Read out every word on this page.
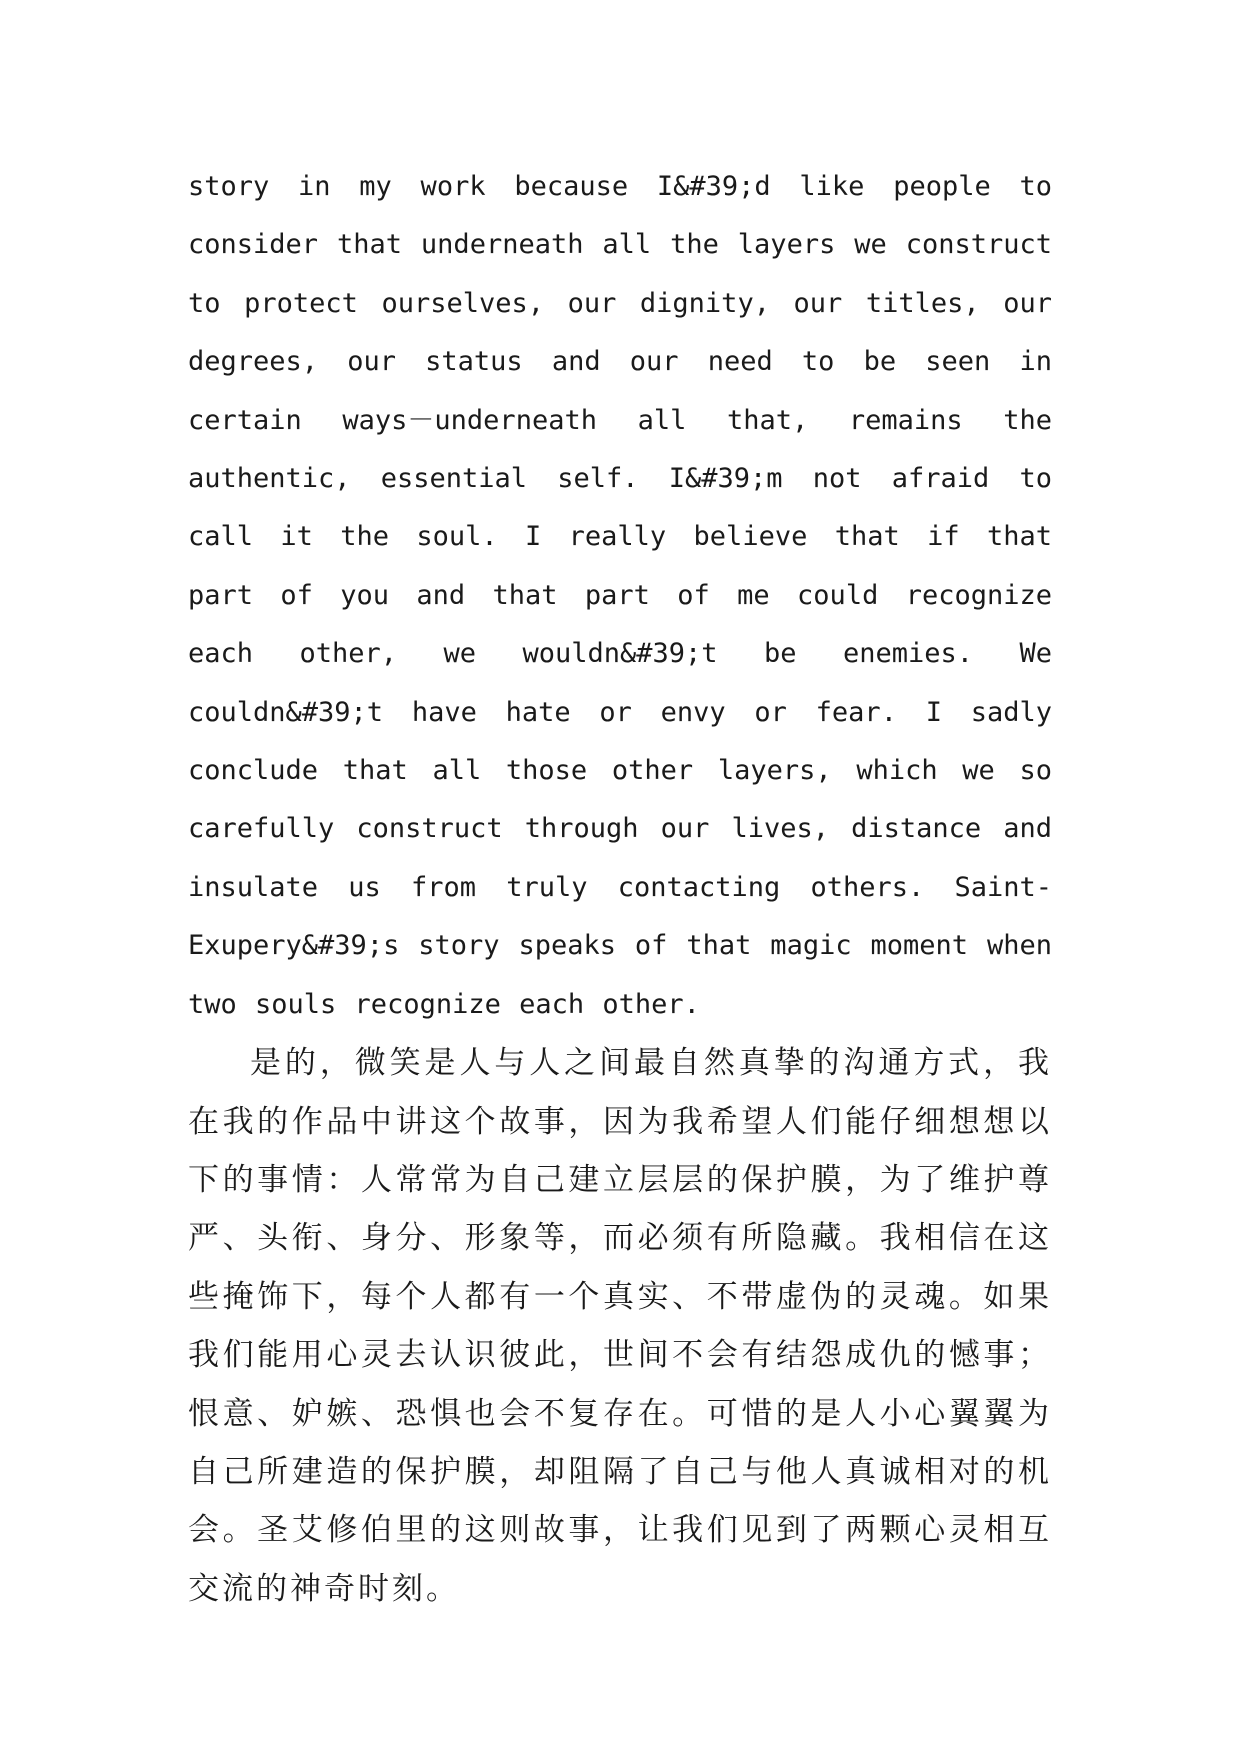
story in my work because I&#39;d like people to consider that underneath all the layers we construct to protect ourselves, our dignity, our titles, our degrees, our status and our need to be seen in certain ways－underneath all that, remains the authentic, essential self. I&#39;m not afraid to call it the soul. I really believe that if that part of you and that part of me could recognize each other, we wouldn&#39;t be enemies. We couldn&#39;t have hate or envy or fear. I sadly conclude that all those other layers, which we so carefully construct through our lives, distance and insulate us from truly contacting others. Saint-Exupery&#39;s story speaks of that magic moment when two souls recognize each other.

是的，微笑是人与人之间最自然真挚的沟通方式，我在我的作品中讲这个故事，因为我希望人们能仔细想想以下的事情：人常常为自己建立层层的保护膜，为了维护尊严、头衔、身分、形象等，而必须有所隐藏。我相信在这些掩饰下，每个人都有一个真实、不带虚伪的灵魂。如果我们能用心灵去认识彼此，世间不会有结怨成仇的憾事；恨意、妒嫉、恐惧也会不复存在。可惜的是人小心翼翼为自己所建造的保护膜，却阻隔了自己与他人真诚相对的机会。圣艾修伯里的这则故事，让我们见到了两颗心灵相互交流的神奇时刻。
